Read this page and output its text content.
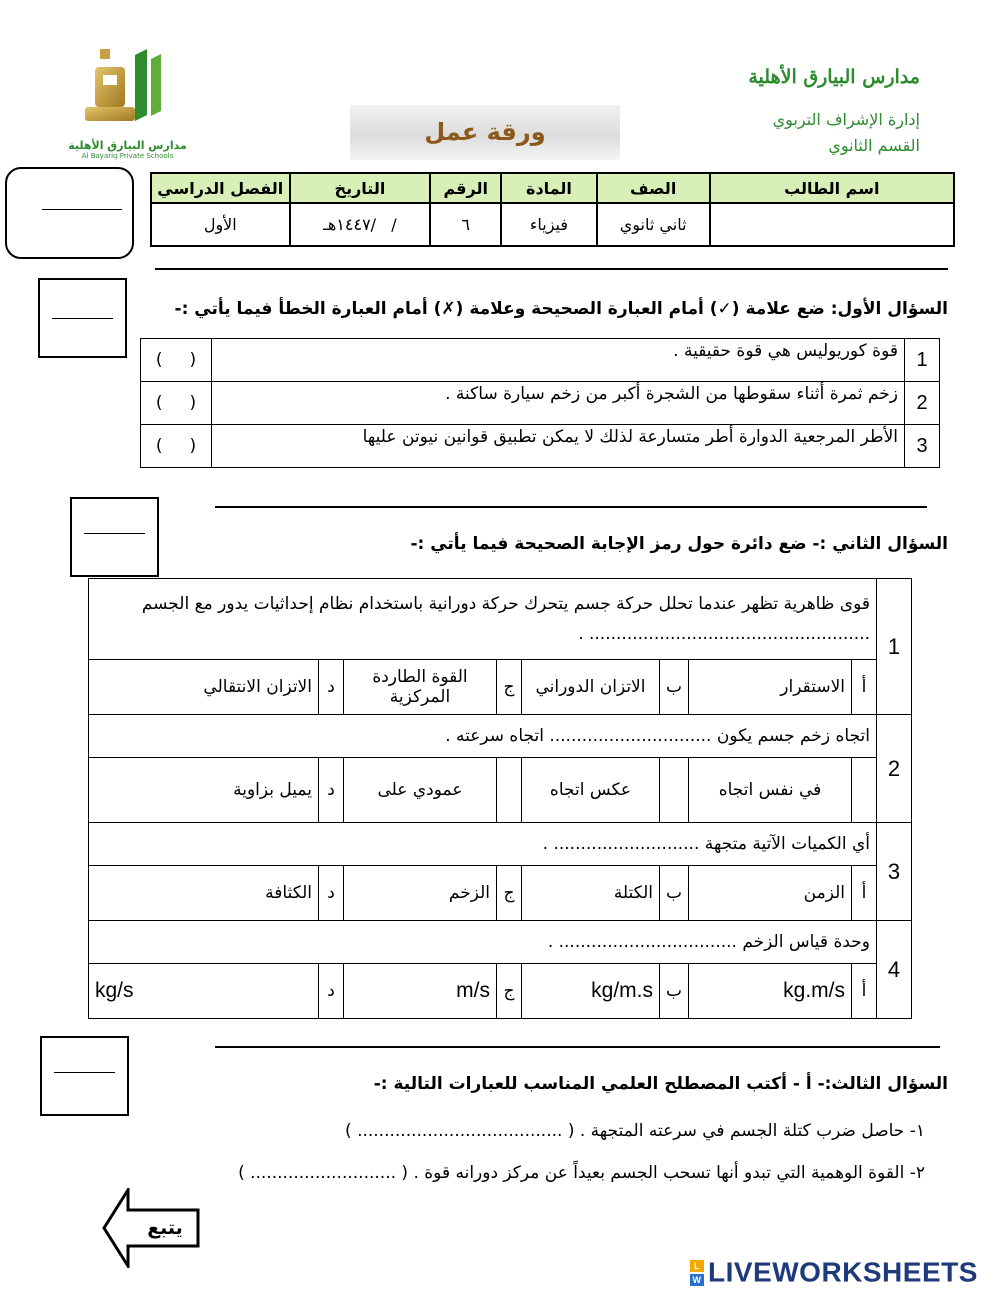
مدارس البيارق الأهلية
Al Bayariq Private Schools
مدارس البيارق الأهلية
إدارة الإشراف التربوي
القسم الثانوي
ورقة عمل
اسم الطالب	الصف	المادة	الرقم	التاريخ	الفصل الدراسي
	ثاني ثانوي	فيزياء	٦	/   /١٤٤٧هـ	الأول
السؤال الأول: ضع علامة (✓) أمام العبارة الصحيحة وعلامة (✗) أمام العبارة الخطأ فيما يأتي :-
1	قوة كوريوليس هي قوة حقيقية .	(     )
2	زخم ثمرة أثناء سقوطها من الشجرة أكبر من زخم سيارة ساكنة .	(     )
3	الأطر المرجعية الدوارة أطر متسارعة لذلك لا يمكن تطبيق قوانين نيوتن عليها	(     )
السؤال الثاني :- ضع دائرة حول رمز الإجابة الصحيحة فيما يأتي :-
1	قوى ظاهرية تظهر عندما تحلل حركة جسم يتحرك حركة دورانية باستخدام نظام إحداثيات يدور مع الجسم .................................................... .							
	أ	الاستقرار	ب	الاتزان الدوراني	ج	القوة الطاردة المركزية	د	الاتزان الانتقالي
2	اتجاه زخم جسم يكون .............................. اتجاه سرعته .							
		في نفس اتجاه		عكس اتجاه		عمودي على	د	يميل بزاوية
3	أي الكميات الآتية متجهة ........................... .							
	أ	الزمن	ب	الكتلة	ج	الزخم	د	الكثافة
4	وحدة قياس الزخم ................................. .							
	أ	kg.m/s	ب	kg/m.s	ج	m/s	د	kg/s
السؤال الثالث:- أ - أكتب المصطلح العلمي المناسب للعبارات التالية :-
١- حاصل ضرب كتلة الجسم في سرعته المتجهة . ( ...................................... )
٢- القوة الوهمية التي تبدو أنها تسحب الجسم بعيداً عن مركز دورانه قوة . ( ........................... )
يتبع
L
W LIVEWORKSHEETS
